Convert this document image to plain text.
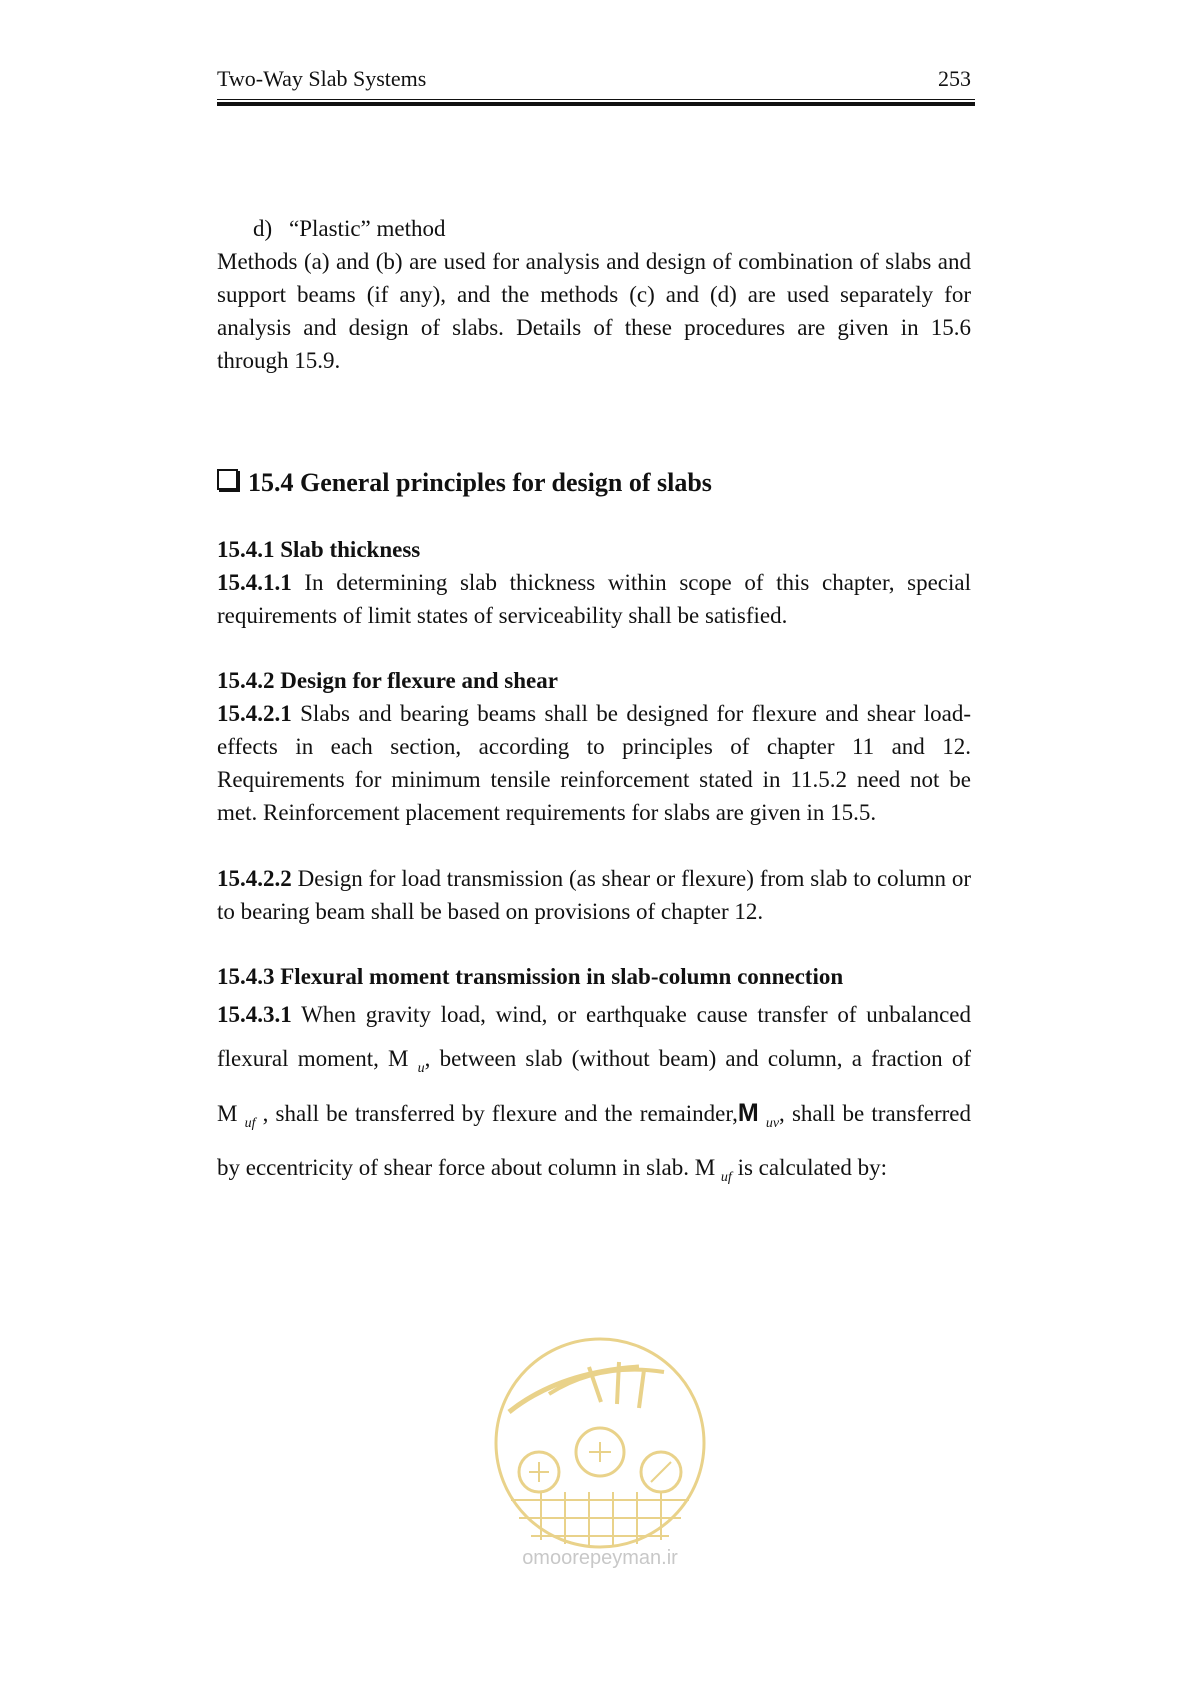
Two-Way Slab Systems	253

d) “Plastic” method

Methods (a) and (b) are used for analysis and design of combination of slabs and support beams (if any), and the methods (c) and (d) are used separately for analysis and design of slabs. Details of these procedures are given in 15.6 through 15.9.

15.4 General principles for design of slabs

15.4.1 Slab thickness

15.4.1.1 In determining slab thickness within scope of this chapter, special requirements of limit states of serviceability shall be satisfied.

15.4.2 Design for flexure and shear

15.4.2.1 Slabs and bearing beams shall be designed for flexure and shear load-effects in each section, according to principles of chapter 11 and 12. Requirements for minimum tensile reinforcement stated in 11.5.2 need not be met. Reinforcement placement requirements for slabs are given in 15.5.

15.4.2.2 Design for load transmission (as shear or flexure) from slab to column or to bearing beam shall be based on provisions of chapter 12.

15.4.3 Flexural moment transmission in slab-column connection

15.4.3.1 When gravity load, wind, or earthquake cause transfer of unbalanced flexural moment, M $_u$, between slab (without beam) and column, a fraction of M $_{uf}$ , shall be transferred by flexure and the remainder,M $_{uv}$, shall be transferred by eccentricity of shear force about column in slab. M $_{uf}$ is calculated by:

omoorepeyman.ir
